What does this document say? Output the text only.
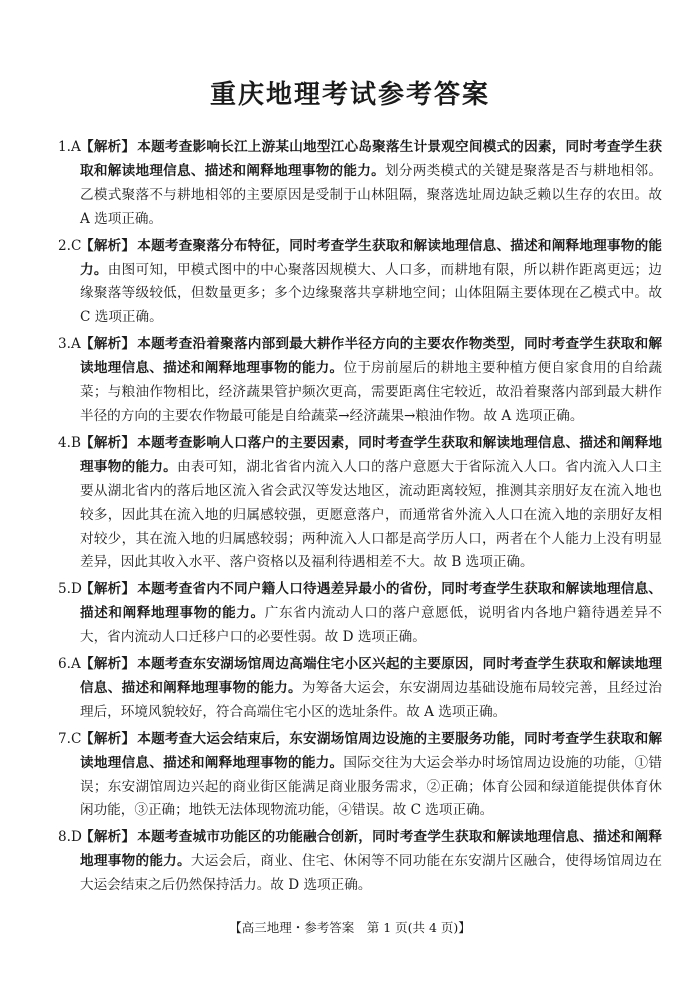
重庆地理考试参考答案
1.A 【解析】 本题考查影响长江上游某山地型江心岛聚落生计景观空间模式的因素，同时考查学生获取和解读地理信息、描述和阐释地理事物的能力。划分两类模式的关键是聚落是否与耕地相邻。乙模式聚落不与耕地相邻的主要原因是受制于山林阻隔，聚落选址周边缺乏赖以生存的农田。故 A 选项正确。
2.C
【解析】 本题考查聚落分布特征，同时考查学生获取和解读地理信息、描述和阐释地理事物的能力。由图可知，甲模式图中的中心聚落因规模大、人口多，而耕地有限，所以耕作距离更远；边缘聚落等级较低，但数量更多；多个边缘聚落共享耕地空间；山体阻隔主要体现在乙模式中。故 C 选项正确。
3.A 【解析】 本题考查沿着聚落内部到最大耕作半径方向的主要农作物类型，同时考查学生获取和解读地理信息、描述和阐释地理事物的能力。位于房前屋后的耕地主要种植方便自家食用的自给蔬菜；与粮油作物相比，经济蔬果管护频次更高，需要距离住宅较近，故沿着聚落内部到最大耕作半径的方向的主要农作物最可能是自给蔬菜→经济蔬果→粮油作物。故 A 选项正确。
4.B 【解析】 本题考查影响人口落户的主要因素，同时考查学生获取和解读地理信息、描述和阐释地理事物的能力。由表可知，湖北省省内流入人口的落户意愿大于省际流入人口。省内流入人口主要从湖北省内的落后地区流入省会武汉等发达地区，流动距离较短，推测其亲朋好友在流入地也较多，因此其在流入地的归属感较强，更愿意落户，而通常省外流入人口在流入地的亲朋好友相对较少，其在流入地的归属感较弱；两种流入人口都是高学历人口，两者在个人能力上没有明显差异，因此其收入水平、落户资格以及福利待遇相差不大。故 B 选项正确。
5.D
【解析】 本题考查省内不同户籍人口待遇差异最小的省份，同时考查学生获取和解读地理信息、描述和阐释地理事物的能力。广东省内流动人口的落户意愿低，说明省内各地户籍待遇差异不大，省内流动人口迁移户口的必要性弱。故 D 选项正确。
6.A 【解析】 本题考查东安湖场馆周边高端住宅小区兴起的主要原因，同时考查学生获取和解读地理信息、描述和阐释地理事物的能力。为筹备大运会，东安湖周边基础设施布局较完善，且经过治理后，环境风貌较好，符合高端住宅小区的选址条件。故 A 选项正确。
7.C
【解析】 本题考查大运会结束后，东安湖场馆周边设施的主要服务功能，同时考查学生获取和解读地理信息、描述和阐释地理事物的能力。国际交往为大运会举办时场馆周边设施的功能，①错误；东安湖馆周边兴起的商业街区能满足商业服务需求，②正确；体育公园和绿道能提供体育休闲功能，③正确；地铁无法体现物流功能，④错误。故 C 选项正确。
8.D
【解析】 本题考查城市功能区的功能融合创新，同时考查学生获取和解读地理信息、描述和阐释地理事物的能力。大运会后，商业、住宅、休闲等不同功能在东安湖片区融合，使得场馆周边在大运会结束之后仍然保持活力。故 D 选项正确。
【高三地理・参考答案　第 1 页(共 4 页)】
